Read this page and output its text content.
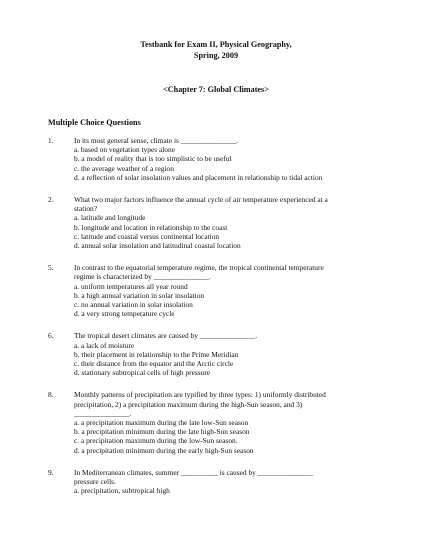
Testbank for Exam II, Physical Geography,
Spring, 2009
<Chapter 7: Global Climates>
Multiple Choice Questions
1.	In its most general sense, climate is _______________.
a. based on vegetation types alone
b. a model of reality that is too simplistic to be useful
c. the average weather of a region
d. a reflection of solar insolation values and placement in relationship to tidal action
2.	What two major factors influence the annual cycle of air temperature experienced at a
station?
a. latitude and longitude
b. longitude and location in relationship to the coast
c. latitude and coastal versus continental location
d. annual solar insolation and latitudinal coastal location
5.	In contrast to the equatorial temperature regime, the tropical continental temperature
regime is characterized by _______________.
a. uniform temperatures all year round
b. a high annual variation in solar insolation
c. no annual variation in solar insolation
d. a very strong temperature cycle
6.	The tropical desert climates are caused by _______________.
a. a lack of moisture
b. their placement in relationship to the Prime Meridian
c. their distance from the equator and the Arctic circle
d. stationary subtropical cells of high pressure
8.	Monthly patterns of precipitation are typified by three types: 1) uniformly distributed
precipitation, 2) a precipitation maximum during the high-Sun season, and 3)
_______________.
a. a precipitation maximum during the late low-Sun season
b. a precipitation minimum during the late high-Sun season
c. a precipitation maximum during the low-Sun season.
d. a precipitation minimum during the early high-Sun season
9.	In Mediterranean climates, summer __________ is caused by _______________
pressure cells.
a. precipitation, subtropical high
